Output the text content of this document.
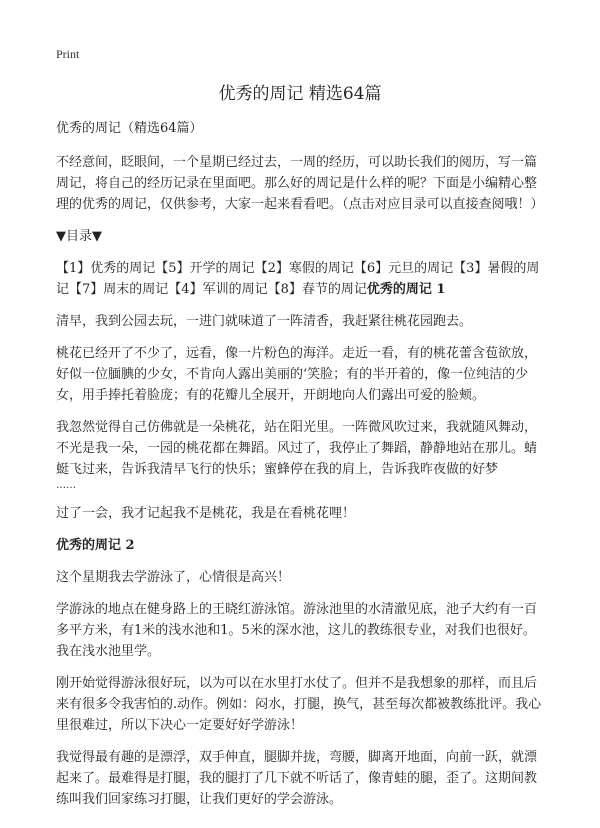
Print
优秀的周记 精选64篇

优秀的周记（精选64篇）

不经意间，眨眼间，一个星期已经过去，一周的经历，可以助长我们的阅历，写一篇周记，将自己的经历记录在里面吧。那么好的周记是什么样的呢？下面是小编精心整理的优秀的周记，仅供参考，大家一起来看看吧。（点击对应目录可以直接查阅哦！）

▼目录▼

【1】优秀的周记【5】开学的周记【2】寒假的周记【6】元旦的周记【3】暑假的周记【7】周末的周记【4】军训的周记【8】春节的周记优秀的周记 1

清早，我到公园去玩，一进门就味道了一阵清香，我赶紧往桃花园跑去。

桃花已经开了不少了，远看，像一片粉色的海洋。走近一看，有的桃花蕾含苞欲放，好似一位腼腆的少女，不肯向人露出美丽的‘笑脸；有的半开着的，像一位纯洁的少女，用手捧托着脸庞；有的花瓣儿全展开，开朗地向人们露出可爱的脸颊。

我忽然觉得自己仿佛就是一朵桃花，站在阳光里。一阵微风吹过来，我就随风舞动，不光是我一朵，一园的桃花都在舞蹈。风过了，我停止了舞蹈，静静地站在那儿。蜻蜓飞过来，告诉我清早飞行的快乐；蜜蜂停在我的肩上，告诉我昨夜做的好梦

……

过了一会，我才记起我不是桃花，我是在看桃花哩！

优秀的周记 2

这个星期我去学游泳了，心情很是高兴！

学游泳的地点在健身路上的王晓红游泳馆。游泳池里的水清澈见底，池子大约有一百多平方米，有1米的浅水池和1。5米的深水池，这儿的教练很专业，对我们也很好。我在浅水池里学。

刚开始觉得游泳很好玩，以为可以在水里打水仗了。但并不是我想象的那样，而且后来有很多令我害怕的.动作。例如：闷水，打腿，换气，甚至每次都被教练批评。我心里很难过，所以下决心一定要好好学游泳！

我觉得最有趣的是漂浮，双手伸直，腿脚并拢，弯腰，脚离开地面，向前一跃，就漂起来了。最难得是打腿，我的腿打了几下就不听话了，像青蛙的腿，歪了。这期间教练叫我们回家练习打腿，让我们更好的学会游泳。
